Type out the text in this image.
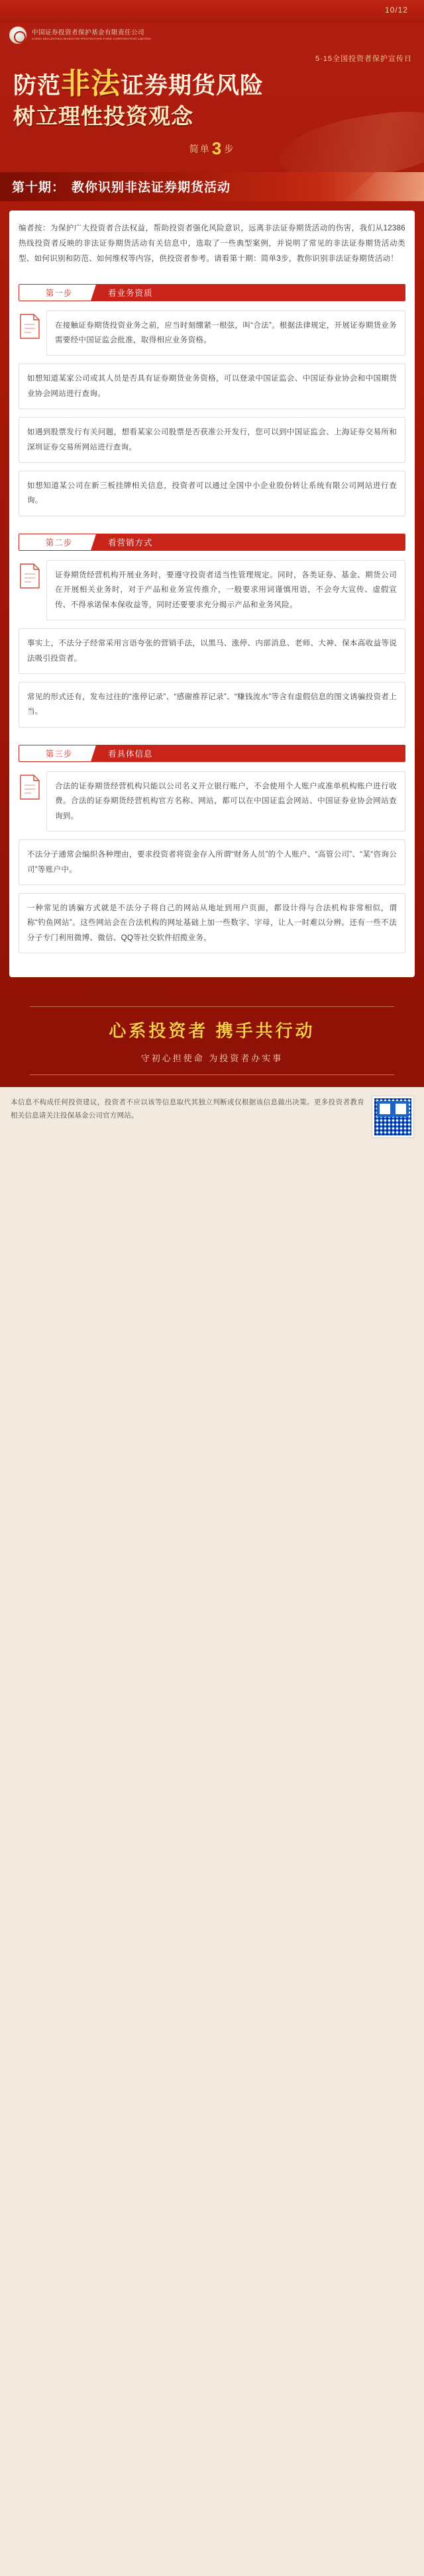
10/12
中国证券投资者保护基金有限责任公司
CHINA SECURITIES INVESTOR PROTECTION FUND CORPORATION LIMITED
5·15全国投资者保护宣传日
防范非法证券期货风险
树立理性投资观念
简单3 步
第十期： 教你识别非法证券期货活动

编者按：为保护广大投资者合法权益，帮助投资者强化风险意识，远离非法证券期货活动的伤害，我们从12386热线投资者反映的非法证券期货活动有关信息中，选取了一些典型案例，并说明了常见的非法证券期货活动类型、如何识别和防范、如何维权等内容，供投资者参考。请看第十期：简单3步，教你识别非法证券期货活动！

第一步	看业务资质
在接触证券期货投资业务之前，应当时刻绷紧一根弦，叫“合法”。根据法律规定，开展证券期货业务需要经中国证监会批准，取得相应业务资格。
如想知道某家公司或其人员是否具有证券期货业务资格，可以登录中国证监会、中国证券业协会和中国期货业协会网站进行查询。
如遇到股票发行有关问题，想看某家公司股票是否获准公开发行，您可以到中国证监会、上海证券交易所和深圳证券交易所网站进行查询。
如想知道某公司在新三板挂牌相关信息，投资者可以通过全国中小企业股份转让系统有限公司网站进行查询。
第二步	看营销方式
证券期货经营机构开展业务时，要遵守投资者适当性管理规定。同时，各类证券、基金、期货公司在开展相关业务时，对于产品和业务宣传推介，一般要求用词谨慎用语，不会夸大宣传、虚假宣传、不得承诺保本保收益等，同时还要要求充分揭示产品和业务风险。
事实上，不法分子经常采用言语夸张的营销手法，以黑马、涨停、内部消息、老师、大神、保本高收益等说法吸引投资者。
常见的形式还有，发布过往的“涨停记录”、“感谢推荐记录”、“赚钱流水”等含有虚假信息的图文诱骗投资者上当。
第三步	看具体信息
合法的证券期货经营机构只能以公司名义开立银行账户，不会使用个人账户或准单机构账户进行收费。合法的证券期货经营机构官方名称、网站，都可以在中国证监会网站、中国证券业协会网站查询到。
不法分子通常会编织各种理由，要求投资者将资金存入所谓“财务人员”的个人账户、“高管公司”、“某“咨询公司”等账户中。
一种常见的诱骗方式就是不法分子将自己的网站从地址到用户页面，都设计得与合法机构非常相似，谓称“钓鱼网站”。这些网站会在合法机构的网址基础上加一些数字、字母，让人一时难以分辨。还有一些不法分子专门利用微博、微信、QQ等社交软件招揽业务。
心系投资者 携手共行动
守初心担使命 为投资者办实事
本信息不构成任何投资建议，投资者不应以该等信息取代其独立判断或仅根据该信息做出决策。更多投资者教育相关信息请关注投保基金公司官方网站。
